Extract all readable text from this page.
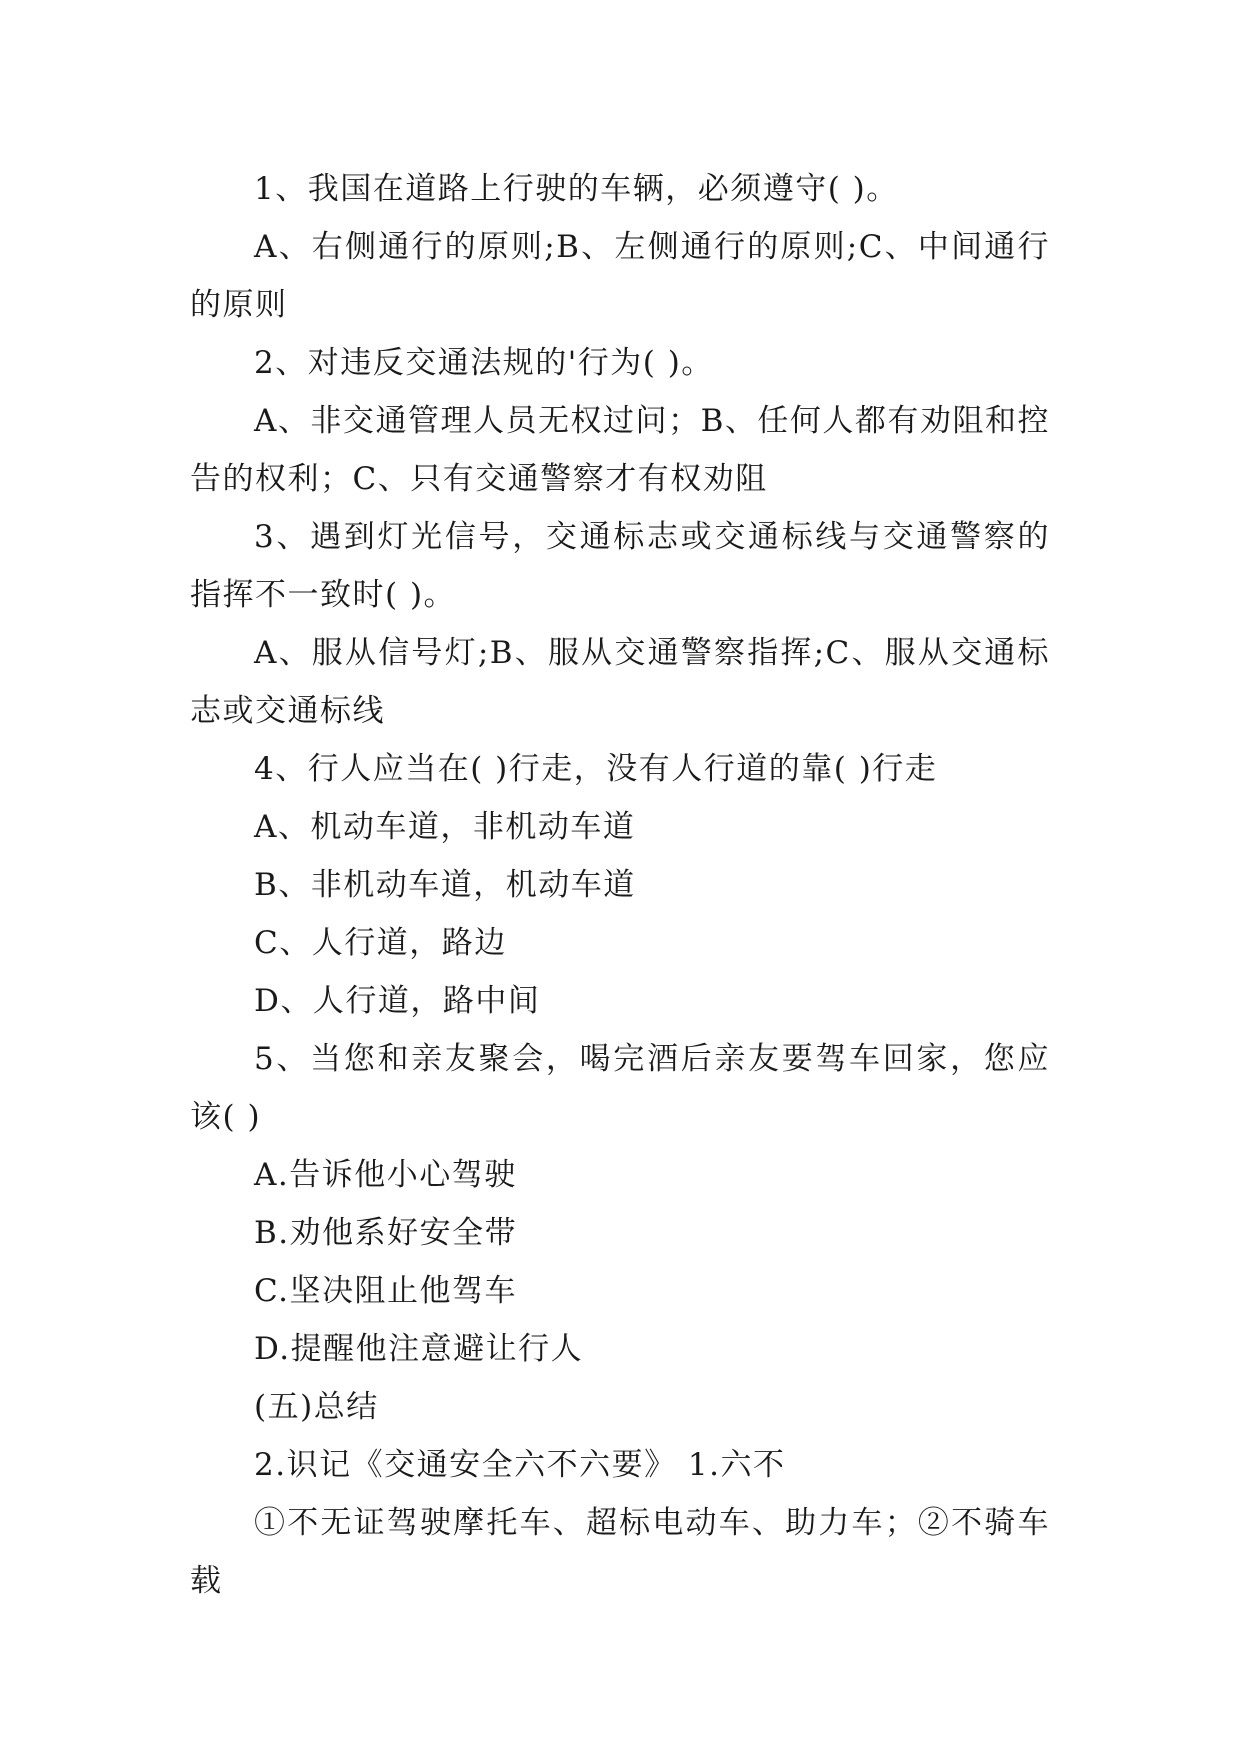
1、我国在道路上行驶的车辆，必须遵守( )。

A、右侧通行的原则;B、左侧通行的原则;C、中间通行的原则

2、对违反交通法规的'行为( )。

A、非交通管理人员无权过问；B、任何人都有劝阻和控告的权利；C、只有交通警察才有权劝阻

3、遇到灯光信号，交通标志或交通标线与交通警察的指挥不一致时( )。

A、服从信号灯;B、服从交通警察指挥;C、服从交通标志或交通标线

4、行人应当在( )行走，没有人行道的靠( )行走

A、机动车道，非机动车道

B、非机动车道，机动车道

C、人行道，路边

D、人行道，路中间

5、当您和亲友聚会，喝完酒后亲友要驾车回家，您应该( )

A.告诉他小心驾驶

B.劝他系好安全带

C.坚决阻止他驾车

D.提醒他注意避让行人

(五)总结

2.识记《交通安全六不六要》 1.六不

①不无证驾驶摩托车、超标电动车、助力车；②不骑车载
